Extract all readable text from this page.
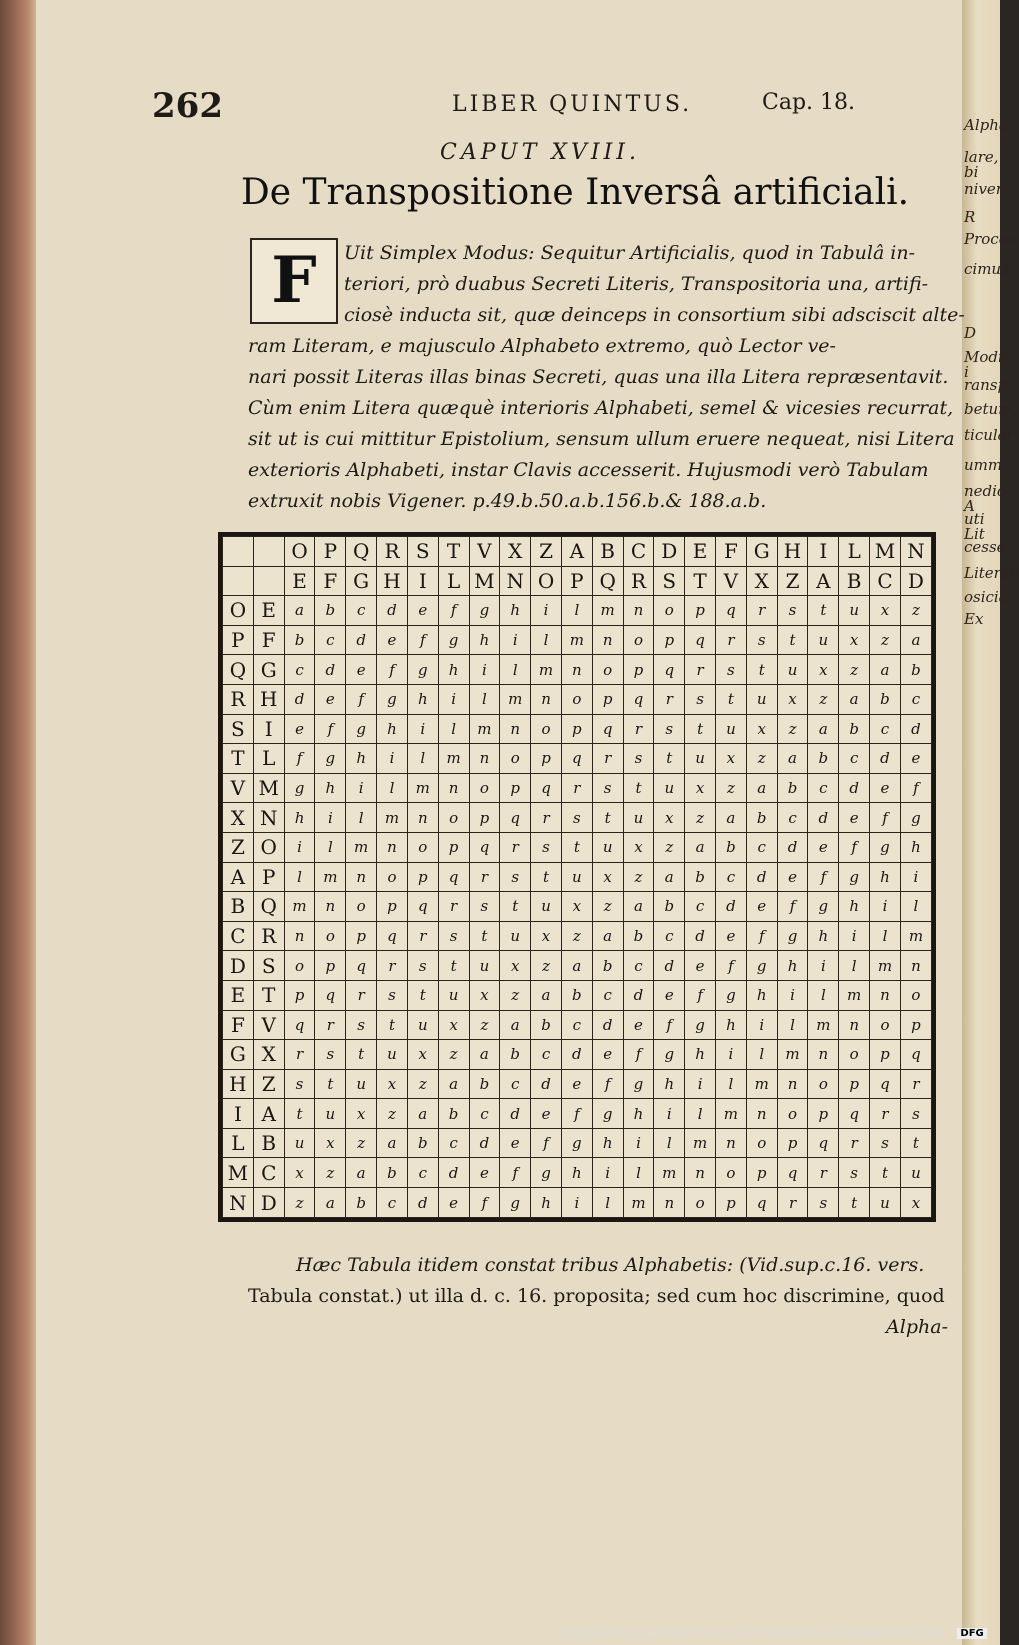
Alpha
lare, bi
niver
R
Proces
cimus.
D
Modij i
ransp
betum,
ticular
umm
nedio A
uti Lit
cesse
Literan
osicia
Ex
262	LIBER QUINTUS.	Cap. 18.
CAPUT XVIII.
De Transpositione Inversâ artificiali.
F	Uit Simplex Modus: Sequitur Artificialis, quod in Tabulâ in-
teriori, prò duabus Secreti Literis, Transpositoria una, artifi-
ciosè inducta sit, quæ deinceps in consortium sibi adsciscit alte-
ram Literam, e majusculo Alphabeto extremo, quò Lector ve-
nari possit Literas illas binas Secreti, quas una illa Litera repræsentavit.
Cùm enim Litera quæquè interioris Alphabeti, semel & vicesies recurrat,
sit ut is cui mittitur Epistolium, sensum ullum eruere nequeat, nisi Litera
exterioris Alphabeti, instar Clavis accesserit. Hujusmodi verò Tabulam
extruxit nobis Vigener. p.49.b.50.a.b.156.b.& 188.a.b.
		O	P	Q	R	S	T	V	X	Z	A	B	C	D	E	F	G	H	I	L	M	N
		E	F	G	H	I	L	M	N	O	P	Q	R	S	T	V	X	Z	A	B	C	D
O	E	a	b	c	d	e	f	g	h	i	l	m	n	o	p	q	r	s	t	u	x	z
P	F	b	c	d	e	f	g	h	i	l	m	n	o	p	q	r	s	t	u	x	z	a
Q	G	c	d	e	f	g	h	i	l	m	n	o	p	q	r	s	t	u	x	z	a	b
R	H	d	e	f	g	h	i	l	m	n	o	p	q	r	s	t	u	x	z	a	b	c
S	I	e	f	g	h	i	l	m	n	o	p	q	r	s	t	u	x	z	a	b	c	d
T	L	f	g	h	i	l	m	n	o	p	q	r	s	t	u	x	z	a	b	c	d	e
V	M	g	h	i	l	m	n	o	p	q	r	s	t	u	x	z	a	b	c	d	e	f
X	N	h	i	l	m	n	o	p	q	r	s	t	u	x	z	a	b	c	d	e	f	g
Z	O	i	l	m	n	o	p	q	r	s	t	u	x	z	a	b	c	d	e	f	g	h
A	P	l	m	n	o	p	q	r	s	t	u	x	z	a	b	c	d	e	f	g	h	i
B	Q	m	n	o	p	q	r	s	t	u	x	z	a	b	c	d	e	f	g	h	i	l
C	R	n	o	p	q	r	s	t	u	x	z	a	b	c	d	e	f	g	h	i	l	m
D	S	o	p	q	r	s	t	u	x	z	a	b	c	d	e	f	g	h	i	l	m	n
E	T	p	q	r	s	t	u	x	z	a	b	c	d	e	f	g	h	i	l	m	n	o
F	V	q	r	s	t	u	x	z	a	b	c	d	e	f	g	h	i	l	m	n	o	p
G	X	r	s	t	u	x	z	a	b	c	d	e	f	g	h	i	l	m	n	o	p	q
H	Z	s	t	u	x	z	a	b	c	d	e	f	g	h	i	l	m	n	o	p	q	r
I	A	t	u	x	z	a	b	c	d	e	f	g	h	i	l	m	n	o	p	q	r	s
L	B	u	x	z	a	b	c	d	e	f	g	h	i	l	m	n	o	p	q	r	s	t
M	C	x	z	a	b	c	d	e	f	g	h	i	l	m	n	o	p	q	r	s	t	u
N	D	z	a	b	c	d	e	f	g	h	i	l	m	n	o	p	q	r	s	t	u	x
Hæc Tabula itidem constat tribus Alphabetis: (Vid.sup.c.16. vers.
Tabula constat.) ut illa d. c. 16. proposita; sed cum hoc discrimine, quod
Alpha-
Digitalisierung gefördert durch die Deutsche Forschungsgemeinschaft - DFG
